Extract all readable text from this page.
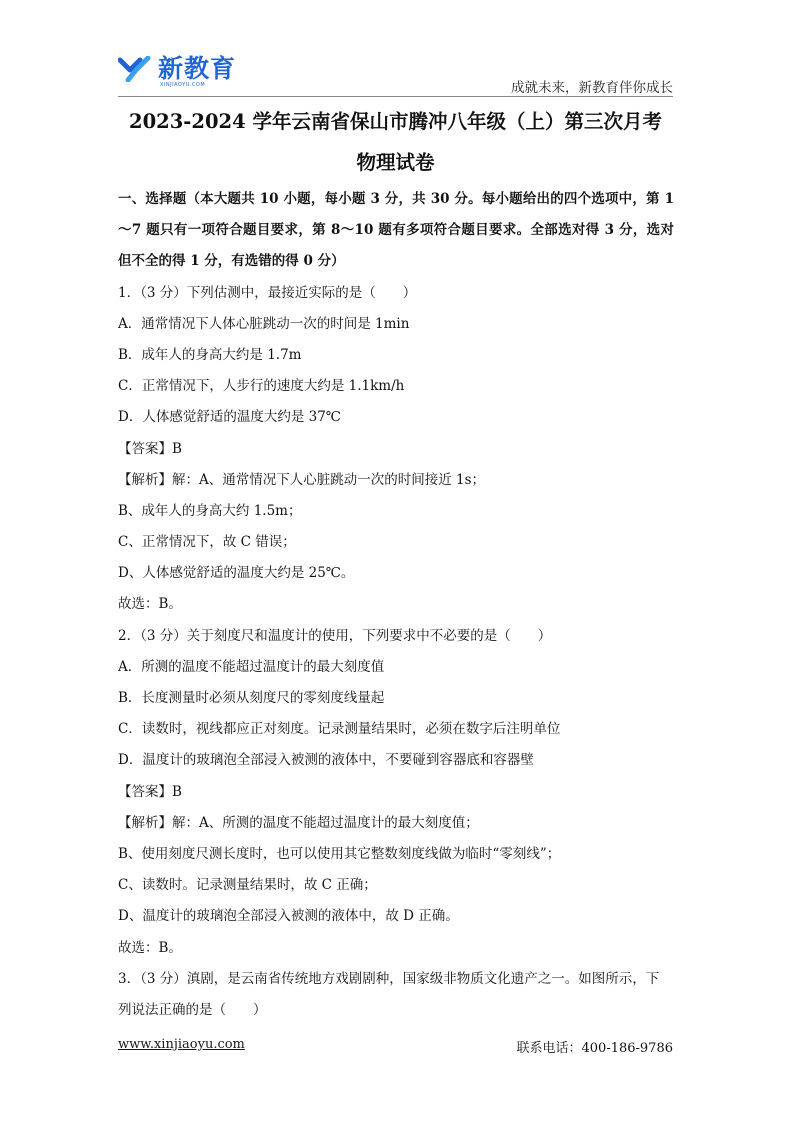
新教育
XINJIAOYU.COM	成就未来，新教育伴你成长
2023-2024 学年云南省保山市腾冲八年级（上）第三次月考
物理试卷

一、选择题（本大题共 10 小题，每小题 3 分，共 30 分。每小题给出的四个选项中，第 1～7 题只有一项符合题目要求，第 8～10 题有多项符合题目要求。全部选对得 3 分，选对但不全的得 1 分，有选错的得 0 分）

1．（3 分）下列估测中，最接近实际的是（　　）
A．通常情况下人体心脏跳动一次的时间是 1min
B．成年人的身高大约是 1.7m
C．正常情况下，人步行的速度大约是 1.1km/h
D．人体感觉舒适的温度大约是 37℃
【答案】B
【解析】解：A、通常情况下人心脏跳动一次的时间接近 1s；
B、成年人的身高大约 1.5m；
C、正常情况下，故 C 错误；
D、人体感觉舒适的温度大约是 25℃。
故选：B。
2．（3 分）关于刻度尺和温度计的使用，下列要求中不必要的是（　　）
A．所测的温度不能超过温度计的最大刻度值
B．长度测量时必须从刻度尺的零刻度线量起
C．读数时，视线都应正对刻度。记录测量结果时，必须在数字后注明单位
D．温度计的玻璃泡全部浸入被测的液体中，不要碰到容器底和容器壁
【答案】B
【解析】解：A、所测的温度不能超过温度计的最大刻度值；
B、使用刻度尺测长度时，也可以使用其它整数刻度线做为临时“零刻线”；
C、读数时。记录测量结果时，故 C 正确；
D、温度计的玻璃泡全部浸入被测的液体中，故 D 正确。
故选：B。
3．（3 分）滇剧，是云南省传统地方戏剧剧种，国家级非物质文化遗产之一。如图所示，下
列说法正确的是（　　）
www.xinjiaoyu.com	联系电话：400-186-9786
